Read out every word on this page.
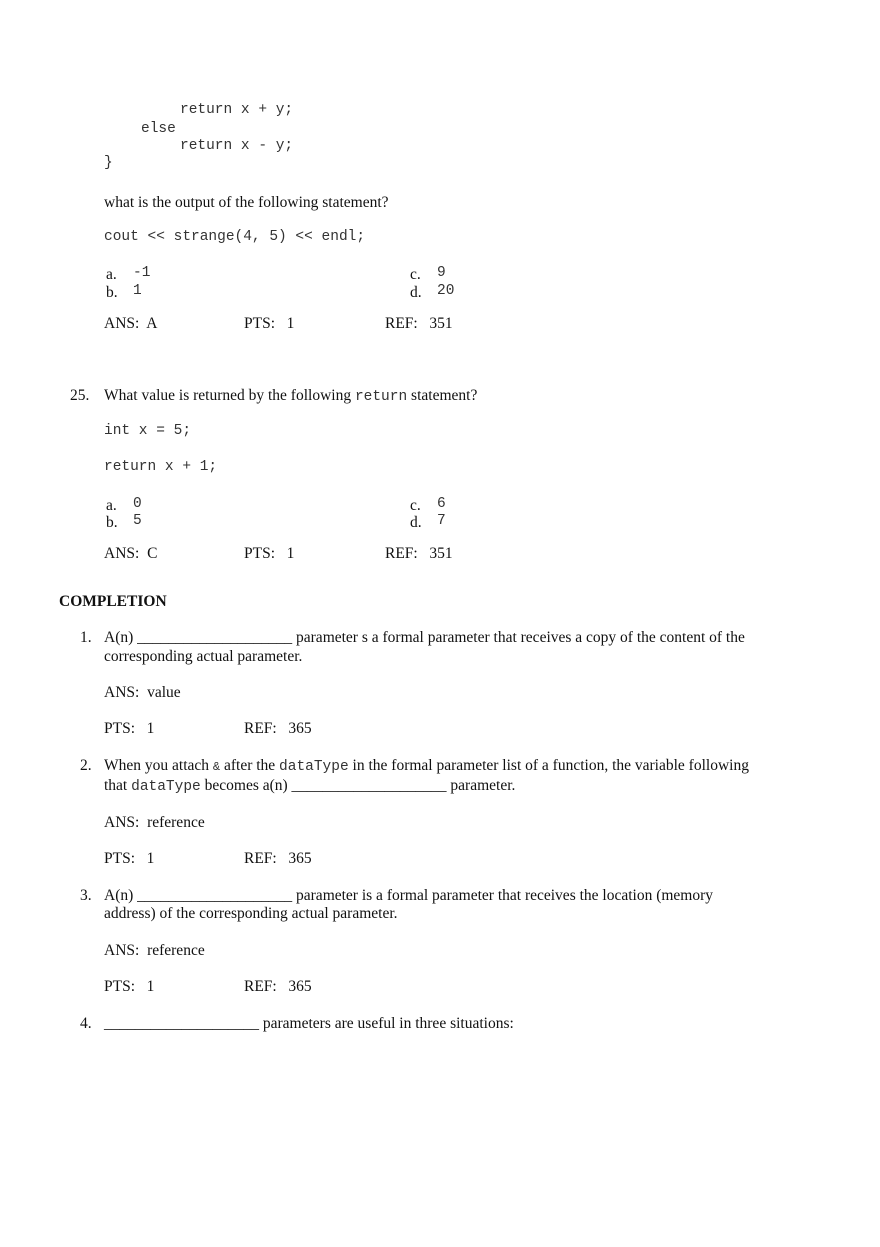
return x + y;
else
return x - y;
}
what is the output of the following statement?
cout << strange(4, 5) << endl;
a. -1
b. 1
c. 9
d. 20
ANS:  A	PTS:   1	REF:   351
25. What value is returned by the following return statement?
int x = 5;
return x + 1;
a. 0
b. 5
c. 6
d. 7
ANS:  C	PTS:   1	REF:   351
COMPLETION
1. A(n) ____________________ parameter s a formal parameter that receives a copy of the content of the
corresponding actual parameter.
ANS:  value
PTS:   1	REF:   365
2. When you attach & after the dataType in the formal parameter list of a function, the variable following
that dataType becomes a(n) ____________________ parameter.
ANS:  reference
PTS:   1	REF:   365
3. A(n) ____________________ parameter is a formal parameter that receives the location (memory
address) of the corresponding actual parameter.
ANS:  reference
PTS:   1	REF:   365
4. ____________________ parameters are useful in three situations:
